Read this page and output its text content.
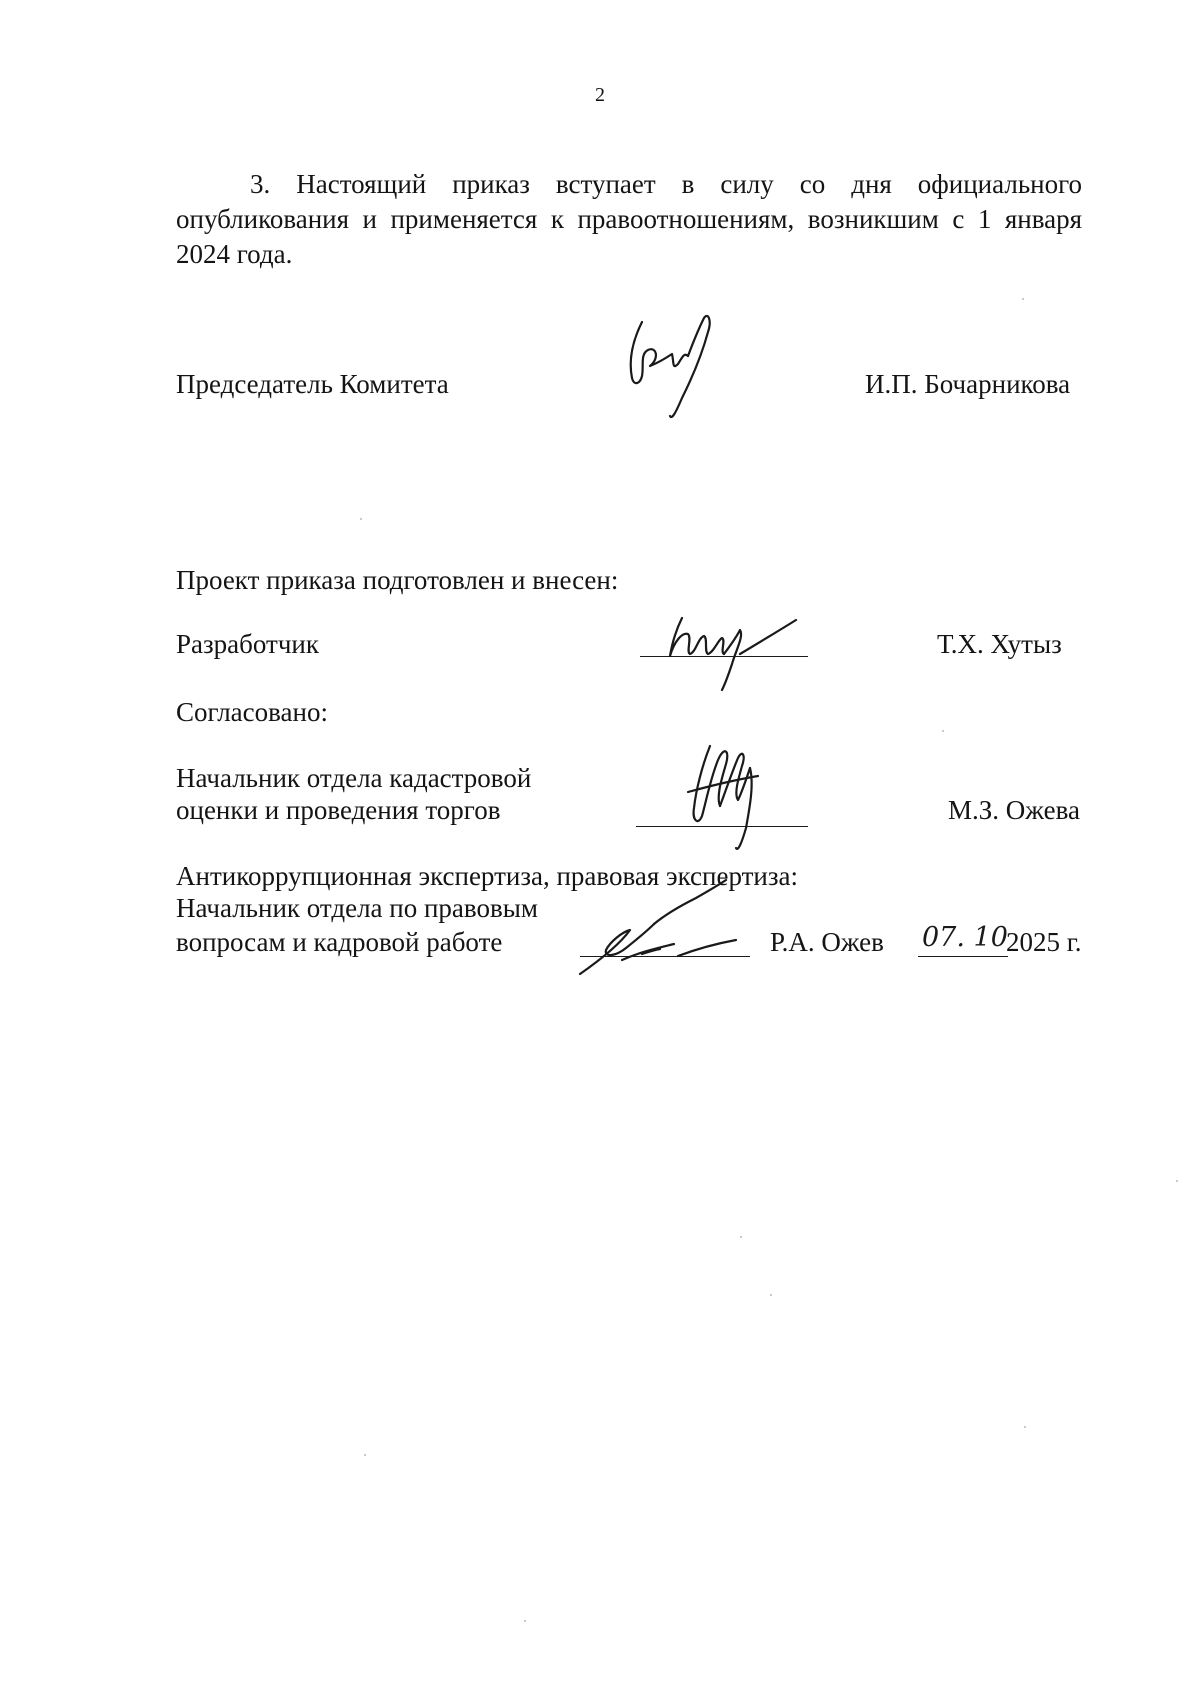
2
3. Настоящий приказ вступает в силу со дня официального
опубликования и применяется к правоотношениям, возникшим с 1 января
2024 года.
Председатель Комитета	И.П. Бочарникова
Проект приказа подготовлен и внесен:
Разработчик	Т.Х. Хутыз
Согласовано:
Начальник отдела кадастровой
оценки и проведения торгов	М.З. Ожева
Антикоррупционная экспертиза, правовая экспертиза:
Начальник отдела по правовым
вопросам и кадровой работе	Р.А. Ожев 07. 10
2025 г.
